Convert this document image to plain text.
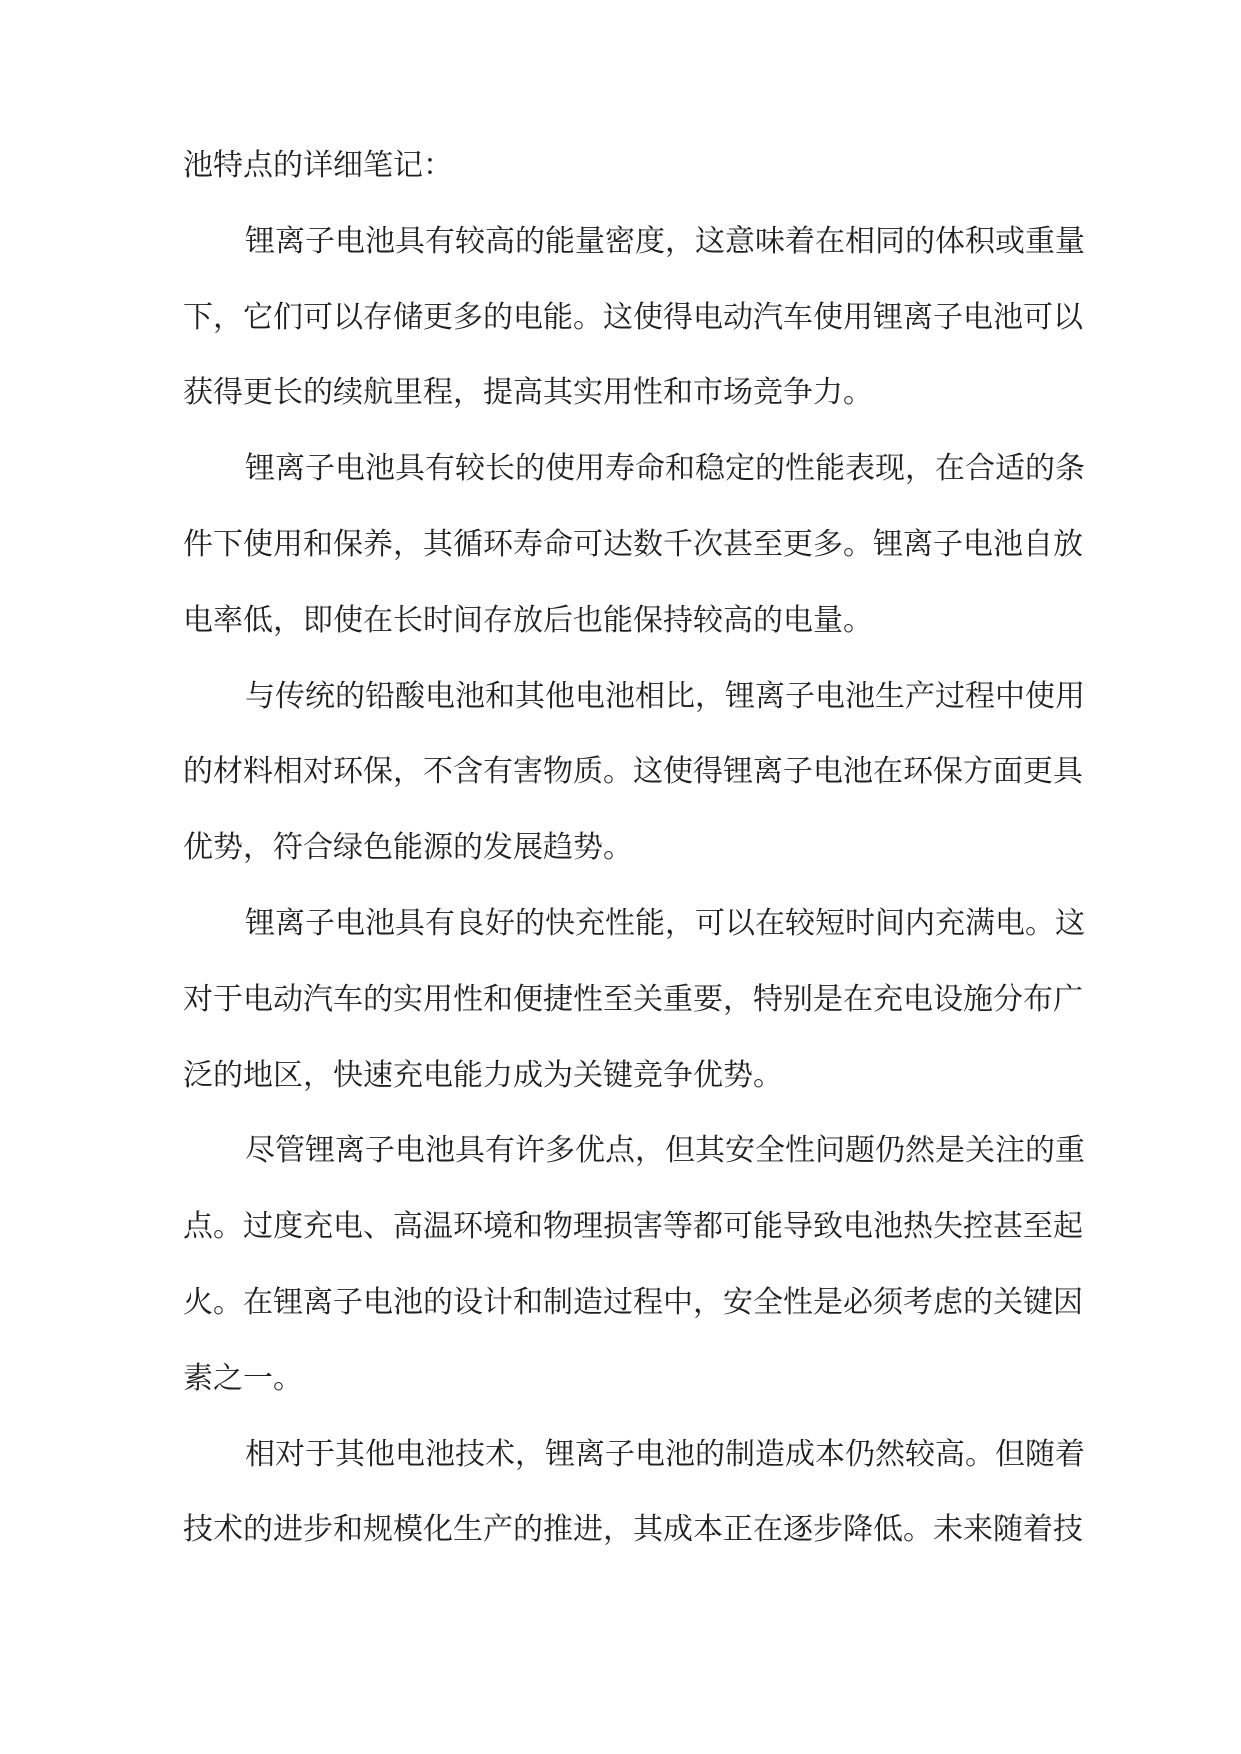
池特点的详细笔记：
锂离子电池具有较高的能量密度，这意味着在相同的体积或重量
下，它们可以存储更多的电能。这使得电动汽车使用锂离子电池可以
获得更长的续航里程，提高其实用性和市场竞争力。
锂离子电池具有较长的使用寿命和稳定的性能表现，在合适的条
件下使用和保养，其循环寿命可达数千次甚至更多。锂离子电池自放
电率低，即使在长时间存放后也能保持较高的电量。
与传统的铅酸电池和其他电池相比，锂离子电池生产过程中使用
的材料相对环保，不含有害物质。这使得锂离子电池在环保方面更具
优势，符合绿色能源的发展趋势。
锂离子电池具有良好的快充性能，可以在较短时间内充满电。这
对于电动汽车的实用性和便捷性至关重要，特别是在充电设施分布广
泛的地区，快速充电能力成为关键竞争优势。
尽管锂离子电池具有许多优点，但其安全性问题仍然是关注的重
点。过度充电、高温环境和物理损害等都可能导致电池热失控甚至起
火。在锂离子电池的设计和制造过程中，安全性是必须考虑的关键因
素之一。
相对于其他电池技术，锂离子电池的制造成本仍然较高。但随着
技术的进步和规模化生产的推进，其成本正在逐步降低。未来随着技
